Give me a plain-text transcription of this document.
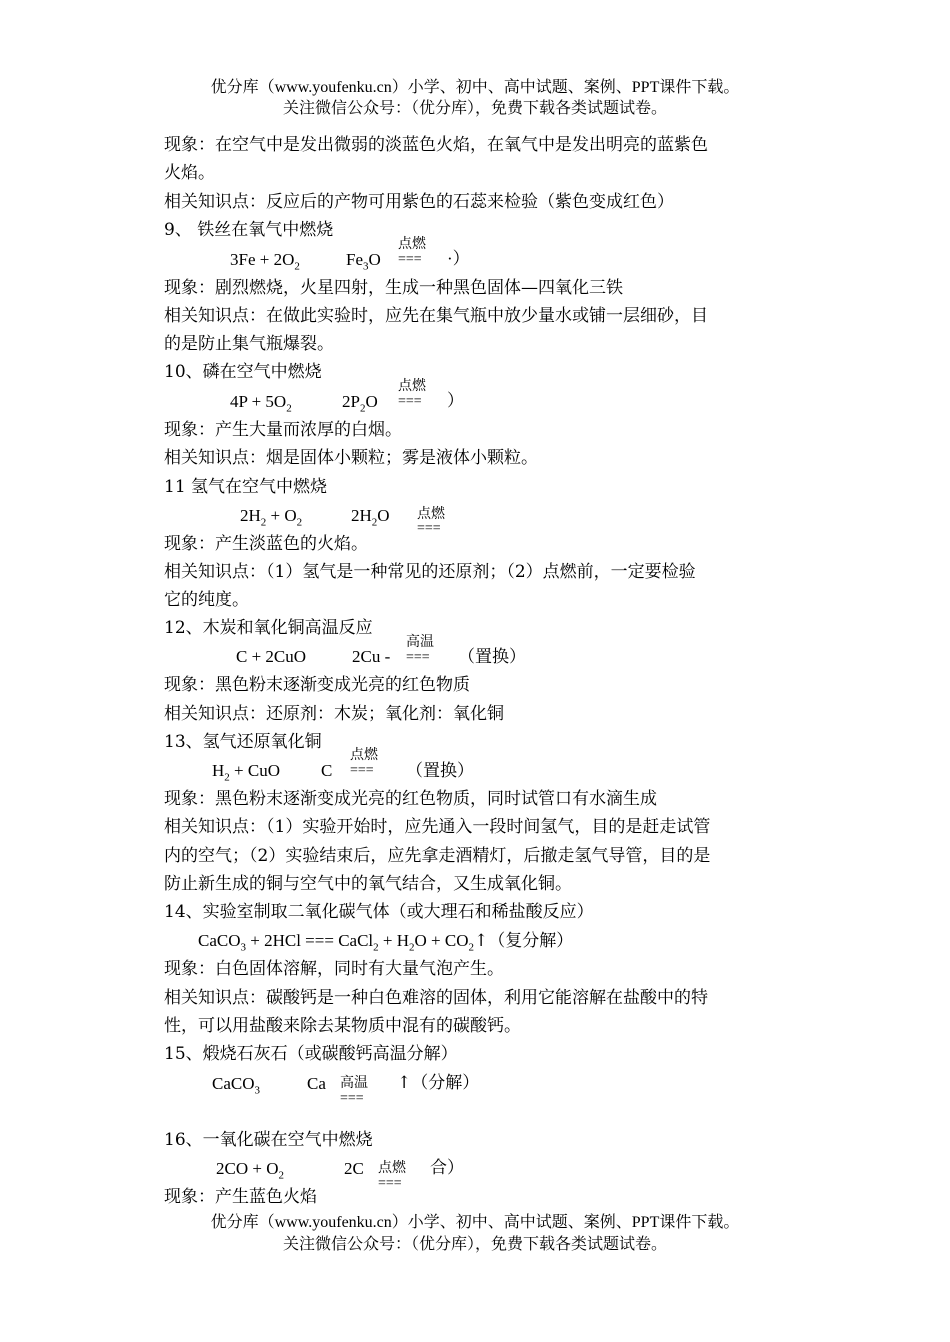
优分库（www.youfenku.cn）小学、初中、高中试题、案例、PPT课件下载。
关注微信公众号：（优分库），免费下载各类试题试卷。
现象：在空气中是发出微弱的淡蓝色火焰，在氧气中是发出明亮的蓝紫色
火焰。
相关知识点：反应后的产物可用紫色的石蕊来检验（紫色变成红色）
9、 铁丝在氧气中燃烧
$3Fe + 2O_2$	$Fe_3O$
点燃
=== ·）
现象：剧烈燃烧，火星四射，生成一种黑色固体—四氧化三铁
相关知识点：在做此实验时，应先在集气瓶中放少量水或铺一层细砂，目
的是防止集气瓶爆裂。
10、磷在空气中燃烧
$4P + 5O_2$	$2P_2O$
点燃
=== ）
现象：产生大量而浓厚的白烟。
相关知识点：烟是固体小颗粒；雾是液体小颗粒。
11 氢气在空气中燃烧
$2H_2 + O_2$	$2H_2O$ 点燃
===
现象：产生淡蓝色的火焰。
相关知识点：（1）氢气是一种常见的还原剂；（2）点燃前，一定要检验
它的纯度。
12、木炭和氧化铜高温反应
C + 2CuO	2Cu -
高温
=== （置换）
现象：黑色粉末逐渐变成光亮的红色物质
相关知识点：还原剂：木炭；氧化剂：氧化铜
13、氢气还原氧化铜
$H_2$ + CuO C
点燃
=== （置换）
现象：黑色粉末逐渐变成光亮的红色物质，同时试管口有水滴生成
相关知识点：（1）实验开始时，应先通入一段时间氢气，目的是赶走试管
内的空气；（2）实验结束后，应先拿走酒精灯，后撤走氢气导管，目的是
防止新生成的铜与空气中的氧气结合，又生成氧化铜。
14、实验室制取二氧化碳气体（或大理石和稀盐酸反应）
CaCO$_3$ + 2HCl === CaCl$_2$ + $H_2O$ + $CO_2↑$（复分解）
现象：白色固体溶解，同时有大量气泡产生。
相关知识点：碳酸钙是一种白色难溶的固体，利用它能溶解在盐酸中的特
性，可以用盐酸来除去某物质中混有的碳酸钙。
15、煅烧石灰石（或碳酸钙高温分解）
CaCO$_3$	Ca 高温
===
↑（分解）
16、一氧化碳在空气中燃烧
$2CO + O_2$	2C 点燃
===
合）
现象：产生蓝色火焰
优分库（www.youfenku.cn）小学、初中、高中试题、案例、PPT课件下载。
关注微信公众号：（优分库），免费下载各类试题试卷。
